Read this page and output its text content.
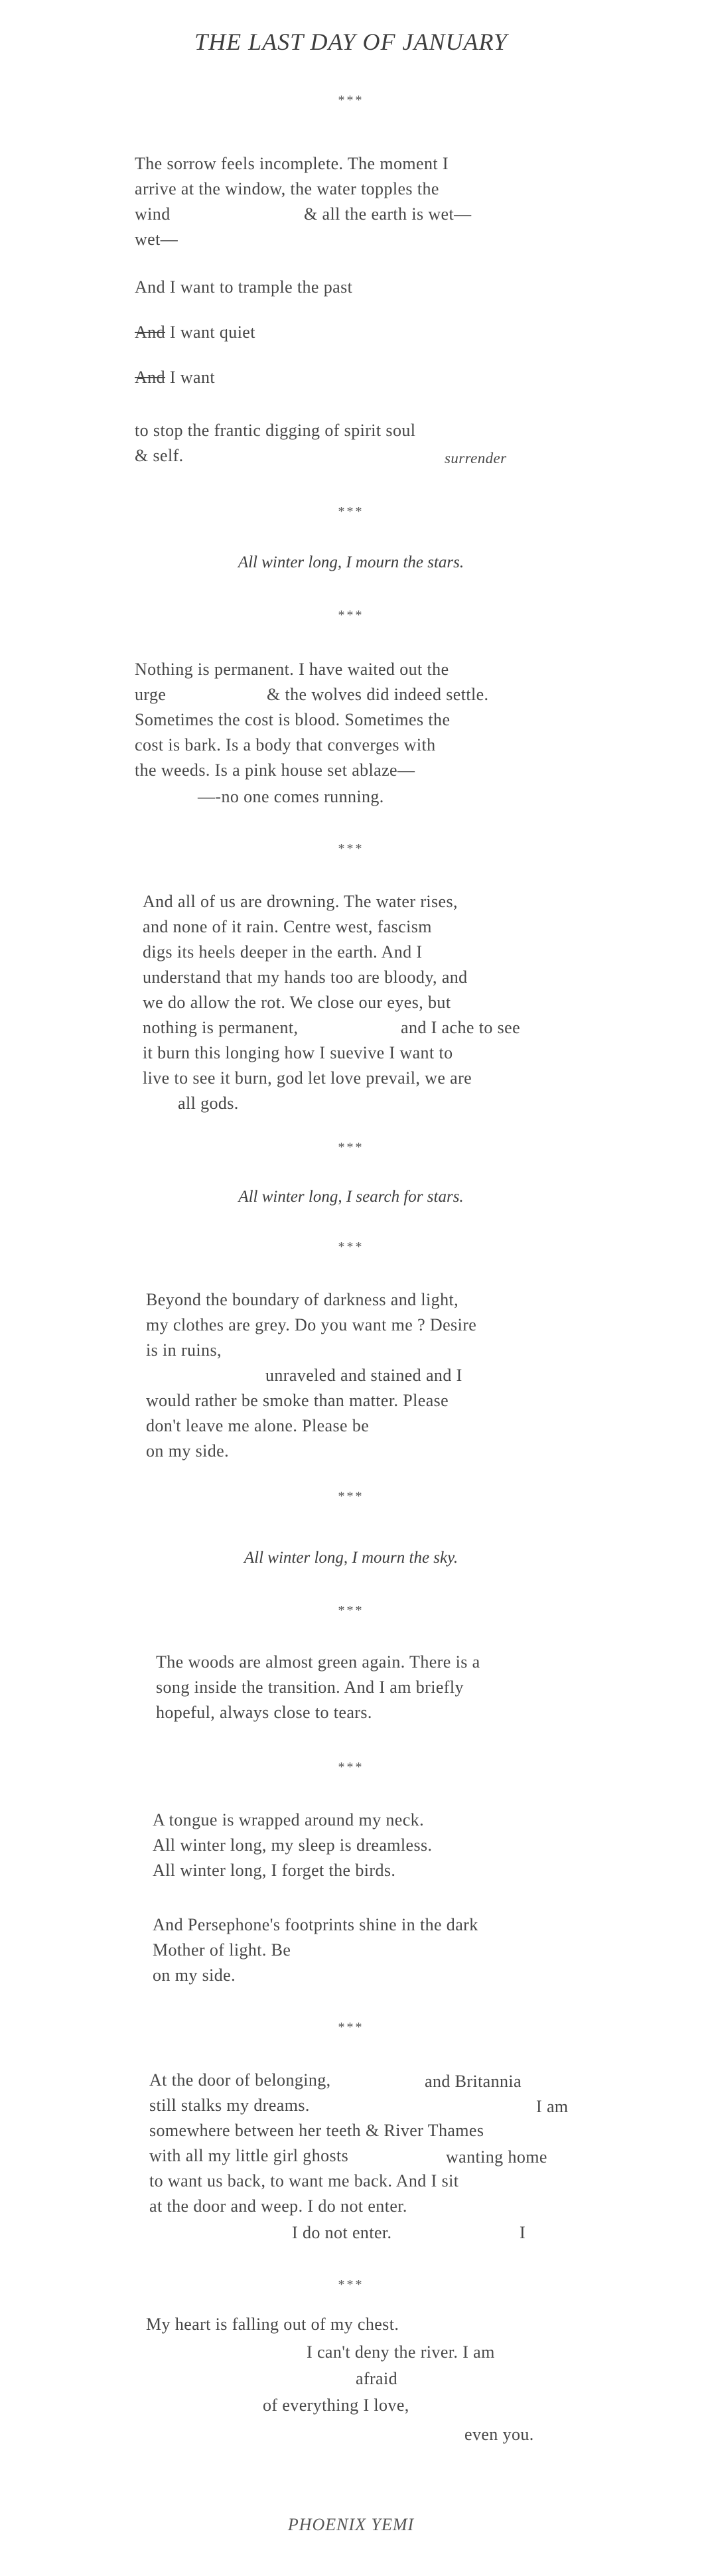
THE LAST DAY OF JANUARY
***
The sorrow feels incomplete. The moment I
arrive at the window, the water topples the
wind	& all the earth is wet—
wet—
And I want to trample the past
And I want quiet
And I want
to stop the frantic digging of spirit soul
& self.	surrender
***
All winter long, I mourn the stars.
***
Nothing is permanent. I have waited out the
urge	& the wolves did indeed settle.
Sometimes the cost is blood. Sometimes the
cost is bark. Is a body that converges with
the weeds. Is a pink house set ablaze—
—-no one comes running.
***
And all of us are drowning. The water rises,
and none of it rain. Centre west, fascism
digs its heels deeper in the earth. And I
understand that my hands too are bloody, and
we do allow the rot. We close our eyes, but
nothing is permanent,	and I ache to see
it burn this longing how I suevive I want to
live to see it burn, god let love prevail, we are
all gods.
***
All winter long, I search for stars.
***
Beyond the boundary of darkness and light,
my clothes are grey. Do you want me ? Desire
is in ruins,
unraveled and stained and I
would rather be smoke than matter. Please
don't leave me alone. Please be
on my side.
***
All winter long, I mourn the sky.
***
The woods are almost green again. There is a
song inside the transition. And I am briefly
hopeful, always close to tears.
***
A tongue is wrapped around my neck.
All winter long, my sleep is dreamless.
All winter long, I forget the birds.
And Persephone's footprints shine in the dark
Mother of light. Be
on my side.
***
At the door of belonging,	and Britannia
still stalks my dreams.	I am
somewhere between her teeth & River Thames
with all my little girl ghosts	wanting home
to want us back, to want me back. And I sit
at the door and weep. I do not enter.
I do not enter.	I
***
My heart is falling out of my chest.
I can't deny the river. I am
afraid
of everything I love,
even you.
PHOENIX YEMI
